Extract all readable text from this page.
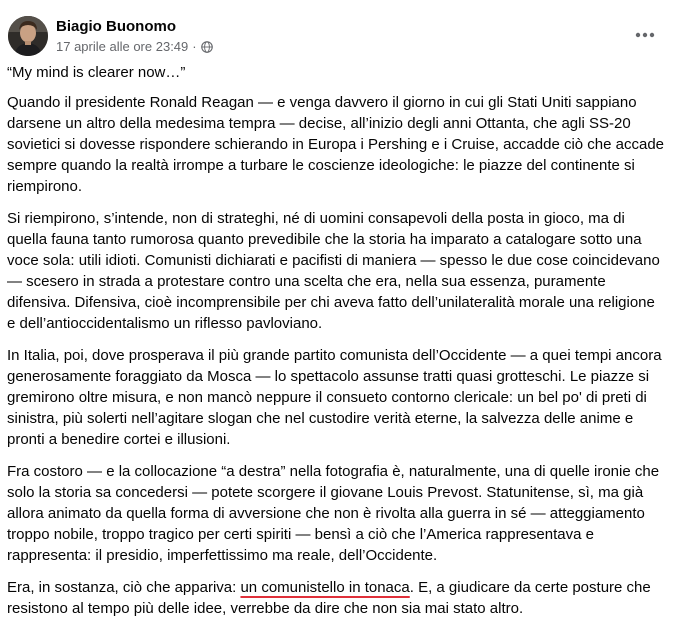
Biagio Buonomo
17 aprile alle ore 23:49 ·

“My mind is clearer now…”

Quando il presidente Ronald Reagan — e venga davvero il giorno in cui gli Stati Uniti sappiano darsene un altro della medesima tempra — decise, all’inizio degli anni Ottanta, che agli SS-20 sovietici si dovesse rispondere schierando in Europa i Pershing e i Cruise, accadde ciò che accade sempre quando la realtà irrompe a turbare le coscienze ideologiche: le piazze del continente si riempirono.

Si riempirono, s’intende, non di strateghi, né di uomini consapevoli della posta in gioco, ma di quella fauna tanto rumorosa quanto prevedibile che la storia ha imparato a catalogare sotto una voce sola: utili idioti. Comunisti dichiarati e pacifisti di maniera — spesso le due cose coincidevano — scesero in strada a protestare contro una scelta che era, nella sua essenza, puramente difensiva. Difensiva, cioè incomprensibile per chi aveva fatto dell’unilateralità morale una religione e dell’antioccidentalismo un riflesso pavloviano.

In Italia, poi, dove prosperava il più grande partito comunista dell’Occidente — a quei tempi ancora generosamente foraggiato da Mosca — lo spettacolo assunse tratti quasi grotteschi. Le piazze si gremirono oltre misura, e non mancò neppure il consueto contorno clericale: un bel po' di preti di sinistra, più solerti nell’agitare slogan che nel custodire verità eterne, la salvezza delle anime e pronti a benedire cortei e illusioni.

Fra costoro — e la collocazione “a destra” nella fotografia è, naturalmente, una di quelle ironie che solo la storia sa concedersi — potete scorgere il giovane Louis Prevost. Statunitense, sì, ma già allora animato da quella forma di avversione che non è rivolta alla guerra in sé — atteggiamento troppo nobile, troppo tragico per certi spiriti — bensì a ciò che l’America rappresentava e rappresenta: il presidio, imperfettissimo ma reale, dell’Occidente.

Era, in sostanza, ciò che appariva: un comunistello in tonaca. E, a giudicare da certe posture che resistono al tempo più delle idee, verrebbe da dire che non sia mai stato altro.
